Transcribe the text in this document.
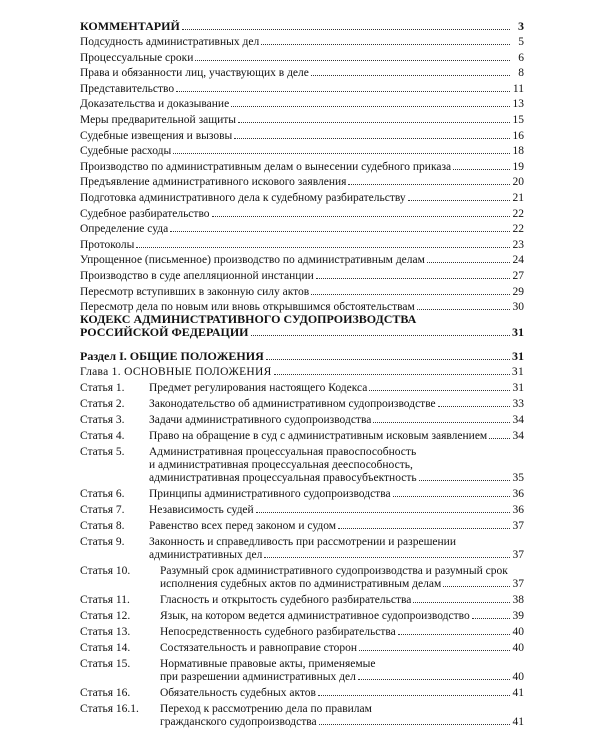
КОММЕНТАРИЙ	3
Подсудность административных дел	5
Процессуальные сроки	6
Права и обязанности лиц, участвующих в деле	8
Представительство	11
Доказательства и доказывание	13
Меры предварительной защиты	15
Судебные извещения и вызовы	16
Судебные расходы	18
Производство по административным делам о вынесении судебного приказа	19
Предъявление административного искового заявления	20
Подготовка административного дела к судебному разбирательству	21
Судебное разбирательство	22
Определение суда	22
Протоколы	23
Упрощенное (письменное) производство по административным делам	24
Производство в суде апелляционной инстанции	27
Пересмотр вступивших в законную силу актов	29
Пересмотр дела по новым или вновь открывшимся обстоятельствам	30
КОДЕКС АДМИНИСТРАТИВНОГО СУДОПРОИЗВОДСТВА
РОССИЙСКОЙ ФЕДЕРАЦИИ	31
Раздел I. ОБЩИЕ ПОЛОЖЕНИЯ	31
Глава 1. ОСНОВНЫЕ ПОЛОЖЕНИЯ	31
Статья 1.	Предмет регулирования настоящего Кодекса	31
Статья 2.	Законодательство об административном судопроизводстве	33
Статья 3.	Задачи административного судопроизводства	34
Статья 4.	Право на обращение в суд с административным исковым заявлением 34
Статья 5.	Административная процессуальная правоспособность
и административная процессуальная дееспособность,
административная процессуальная правосубъектность	35
Статья 6.	Принципы административного судопроизводства	36
Статья 7.	Независимость судей	36
Статья 8.	Равенство всех перед законом и судом	37
Статья 9.	Законность и справедливость при рассмотрении и разрешении
административных дел	37
Статья 10.	Разумный срок административного судопроизводства и разумный срок
исполнения судебных актов по административным делам	37
Статья 11.	Гласность и открытость судебного разбирательства	38
Статья 12.	Язык, на котором ведется административное судопроизводство	39
Статья 13.	Непосредственность судебного разбирательства	40
Статья 14.	Состязательность и равноправие сторон	40
Статья 15.	Нормативные правовые акты, применяемые
при разрешении административных дел	40
Статья 16.	Обязательность судебных актов	41
Статья 16.1.	Переход к рассмотрению дела по правилам
гражданского судопроизводства	41
